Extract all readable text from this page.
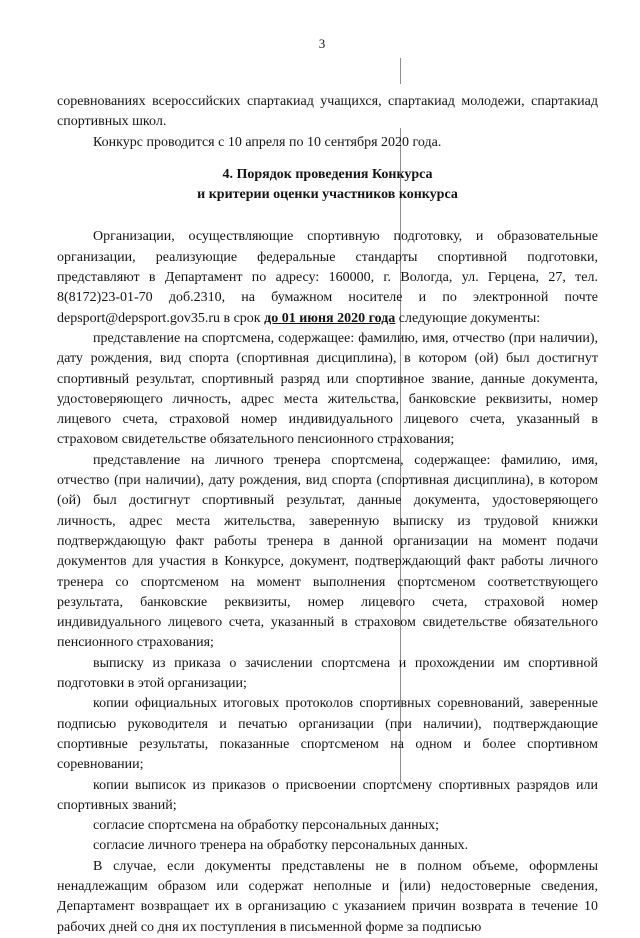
3

соревнованиях всероссийских спартакиад учащихся, спартакиад молодежи, спартакиад спортивных школ.

Конкурс проводится с 10 апреля по 10 сентября 2020 года.

4. Порядок проведения Конкурса

и критерии оценки участников конкурса

Организации, осуществляющие спортивную подготовку, и образовательные организации, реализующие федеральные стандарты спортивной подготовки, представляют в Департамент по адресу: 160000, г. Вологда, ул. Герцена, 27, тел. 8(8172)23-01-70 доб.2310, на бумажном носителе и по электронной почте depsport@depsport.gov35.ru в срок до 01 июня 2020 года следующие документы:

представление на спортсмена, содержащее: фамилию, имя, отчество (при наличии), дату рождения, вид спорта (спортивная дисциплина), в котором (ой) был достигнут спортивный результат, спортивный разряд или спортивное звание, данные документа, удостоверяющего личность, адрес места жительства, банковские реквизиты, номер лицевого счета, страховой номер индивидуального лицевого счета, указанный в страховом свидетельстве обязательного пенсионного страхования;

представление на личного тренера спортсмена, содержащее: фамилию, имя, отчество (при наличии), дату рождения, вид спорта (спортивная дисциплина), в котором (ой) был достигнут спортивный результат, данные документа, удостоверяющего личность, адрес места жительства, заверенную выписку из трудовой книжки подтверждающую факт работы тренера в данной организации на момент подачи документов для участия в Конкурсе, документ, подтверждающий факт работы личного тренера со спортсменом на момент выполнения спортсменом соответствующего результата, банковские реквизиты, номер лицевого счета, страховой номер индивидуального лицевого счета, указанный в страховом свидетельстве обязательного пенсионного страхования;

выписку из приказа о зачислении спортсмена и прохождении им спортивной подготовки в этой организации;

копии официальных итоговых протоколов спортивных соревнований, заверенные подписью руководителя и печатью организации (при наличии), подтверждающие спортивные результаты, показанные спортсменом на одном и более спортивном соревновании;

копии выписок из приказов о присвоении спортсмену спортивных разрядов или спортивных званий;

согласие спортсмена на обработку персональных данных;

согласие личного тренера на обработку персональных данных.

В случае, если документы представлены не в полном объеме, оформлены ненадлежащим образом или содержат неполные и (или) недостоверные сведения, Департамент возвращает их в организацию с указанием причин возврата в течение 10 рабочих дней со дня их поступления в письменной форме за подписью
